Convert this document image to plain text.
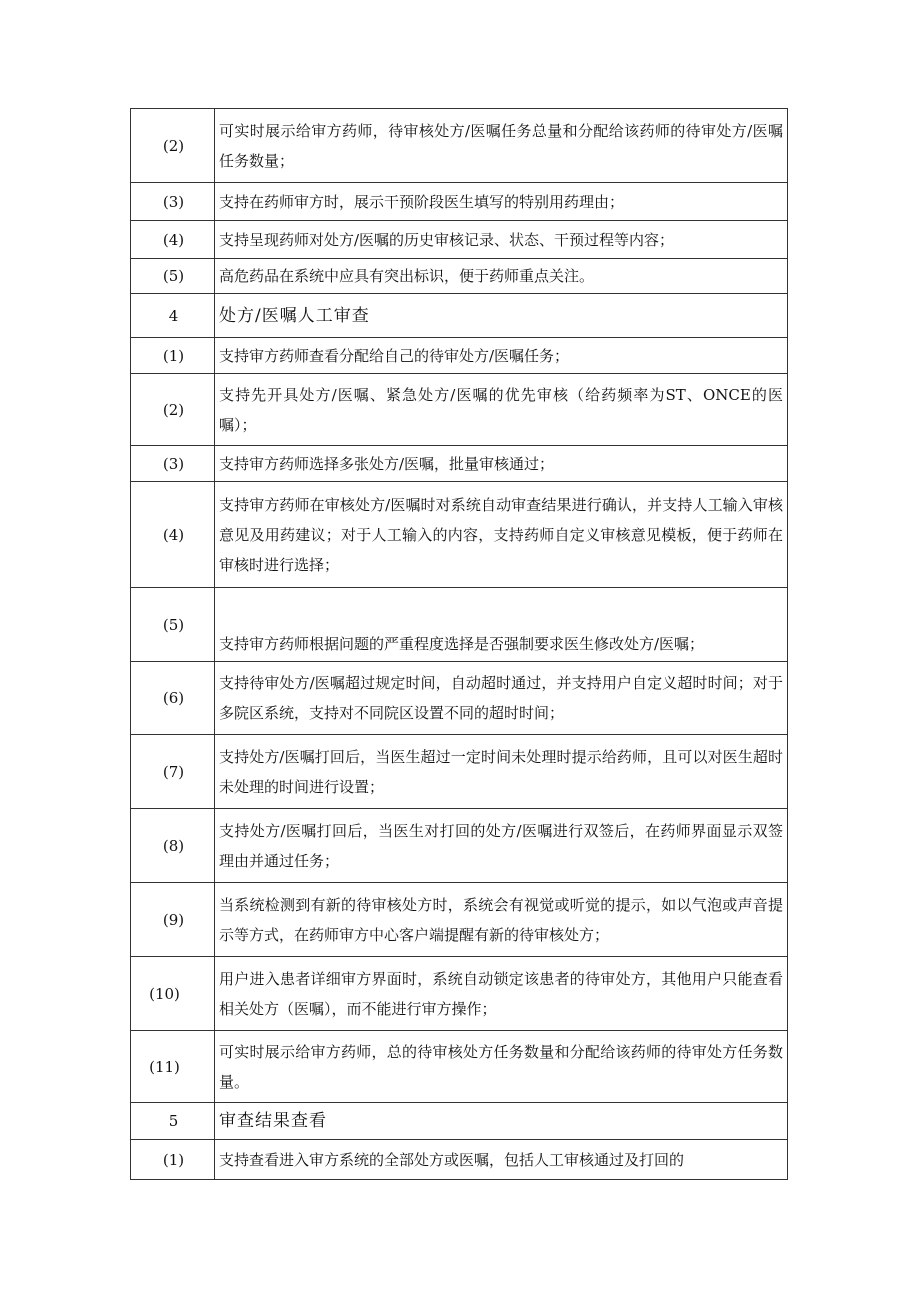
(2)	可实时展示给审方药师，待审核处方/医嘱任务总量和分配给该药师的待审处方/医嘱任务数量；
(3)	支持在药师审方时，展示干预阶段医生填写的特别用药理由；
(4)	支持呈现药师对处方/医嘱的历史审核记录、状态、干预过程等内容；
(5)	高危药品在系统中应具有突出标识，便于药师重点关注。
4	处方/医嘱人工审查
(1)	支持审方药师查看分配给自己的待审处方/医嘱任务；
(2)	支持先开具处方/医嘱、紧急处方/医嘱的优先审核（给药频率为ST、ONCE的医嘱）；
(3)	支持审方药师选择多张处方/医嘱，批量审核通过；
(4)	支持审方药师在审核处方/医嘱时对系统自动审查结果进行确认，并支持人工输入审核意见及用药建议；对于人工输入的内容，支持药师自定义审核意见模板，便于药师在审核时进行选择；
(5)	支持审方药师根据问题的严重程度选择是否强制要求医生修改处方/医嘱；
(6)	支持待审处方/医嘱超过规定时间，自动超时通过，并支持用户自定义超时时间；对于多院区系统，支持对不同院区设置不同的超时时间；
(7)	支持处方/医嘱打回后，当医生超过一定时间未处理时提示给药师，且可以对医生超时未处理的时间进行设置；
(8)	支持处方/医嘱打回后，当医生对打回的处方/医嘱进行双签后，在药师界面显示双签理由并通过任务；
(9)	当系统检测到有新的待审核处方时，系统会有视觉或听觉的提示，如以气泡或声音提示等方式，在药师审方中心客户端提醒有新的待审核处方；
(10)	用户进入患者详细审方界面时，系统自动锁定该患者的待审处方，其他用户只能查看相关处方（医嘱），而不能进行审方操作；
(11)	可实时展示给审方药师，总的待审核处方任务数量和分配给该药师的待审处方任务数量。
5	审查结果查看
(1)	支持查看进入审方系统的全部处方或医嘱，包括人工审核通过及打回的
